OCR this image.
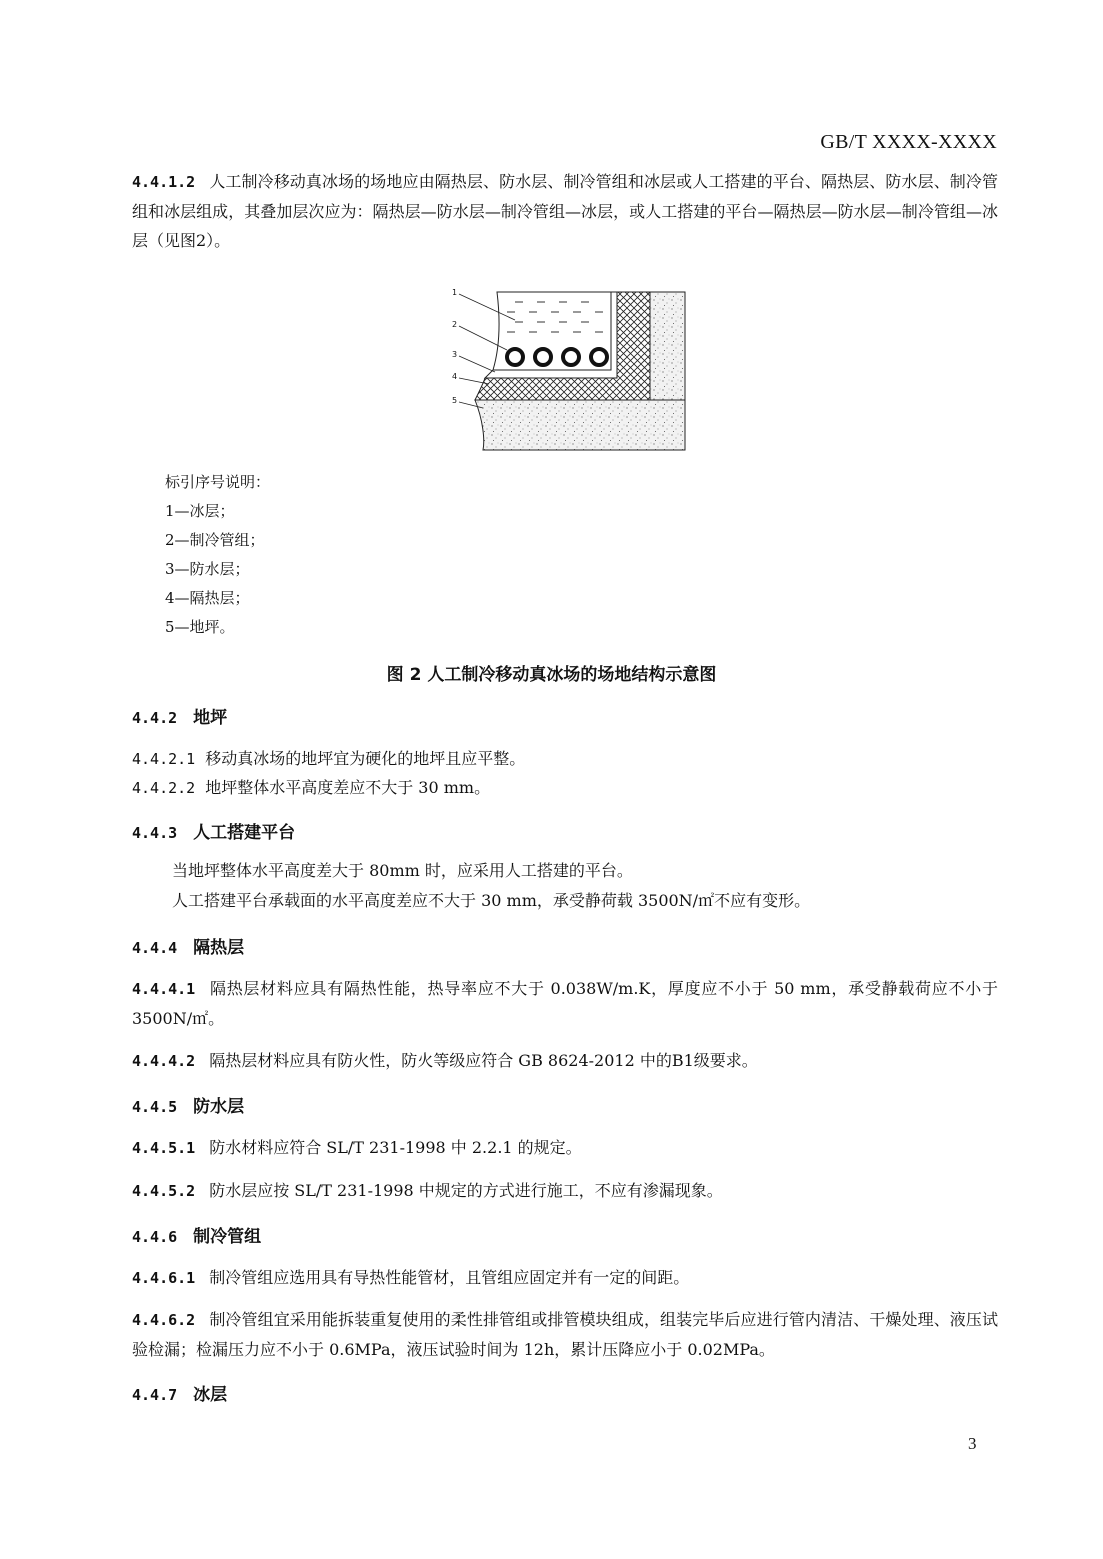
GB/T XXXX-XXXX
4.4.1.2 人工制冷移动真冰场的场地应由隔热层、防水层、制冷管组和冰层或人工搭建的平台、隔热层、防水层、制冷管组和冰层组成，其叠加层次应为：隔热层—防水层—制冷管组—冰层，或人工搭建的平台—隔热层—防水层—制冷管组—冰层（见图2）。
1
2
3
4
5
标引序号说明：
1—冰层；
2—制冷管组；
3—防水层；
4—隔热层；
5—地坪。
图 2 人工制冷移动真冰场的场地结构示意图
4.4.2 地坪
4.4.2.1 移动真冰场的地坪宜为硬化的地坪且应平整。
4.4.2.2 地坪整体水平高度差应不大于 30 mm。
4.4.3 人工搭建平台
当地坪整体水平高度差大于 80mm 时，应采用人工搭建的平台。
人工搭建平台承载面的水平高度差应不大于 30 mm，承受静荷载 3500N/㎡不应有变形。
4.4.4 隔热层
4.4.4.1 隔热层材料应具有隔热性能，热导率应不大于 0.038W/m.K，厚度应不小于 50 mm，承受静载荷应不小于 3500N/㎡。
4.4.4.2 隔热层材料应具有防火性，防火等级应符合 GB 8624-2012 中的B1级要求。
4.4.5 防水层
4.4.5.1 防水材料应符合 SL/T 231-1998 中 2.2.1 的规定。
4.4.5.2 防水层应按 SL/T 231-1998 中规定的方式进行施工，不应有渗漏现象。
4.4.6 制冷管组
4.4.6.1 制冷管组应选用具有导热性能管材，且管组应固定并有一定的间距。
4.4.6.2 制冷管组宜采用能拆装重复使用的柔性排管组或排管模块组成，组装完毕后应进行管内清洁、干燥处理、液压试验检漏；检漏压力应不小于 0.6MPa，液压试验时间为 12h，累计压降应小于 0.02MPa。
4.4.7 冰层
3
